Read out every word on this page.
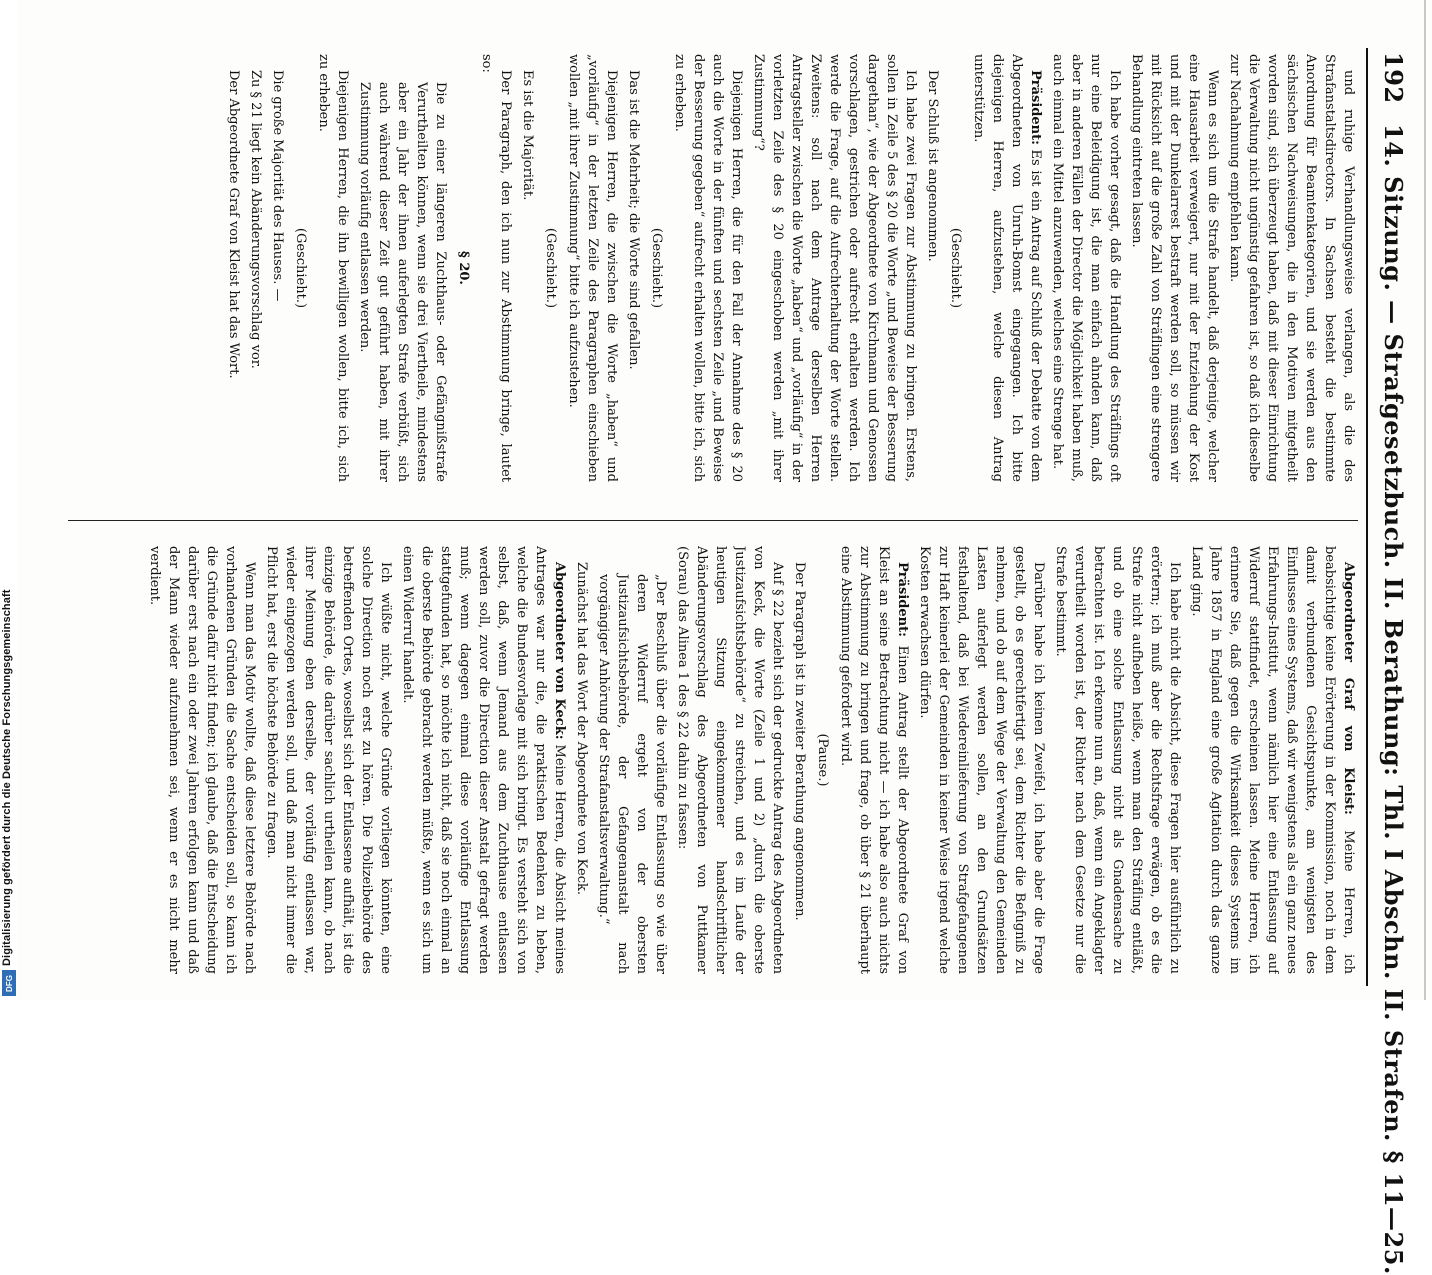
Digitalisierung gefördert durch die Deutsche Forschungsgemeinschaft
DFG
192
14. Sitzung. — Strafgesetzbuch. II. Berathung: Thl. I Abschn. II. Strafen. § 11—25.

und ruhige Verhandlungsweise verlangen, als die des Strafanstaltsdirectors. In Sachsen besteht die bestimmte Anordnung für Beamtenkategorien, und sie werden aus den sächsischen Nachweisungen, die in den Motiven mitgetheilt worden sind, sich überzeugt haben, daß mit dieser Einrichtung die Verwaltung nicht ungünstig gefahren ist, so daß ich dieselbe zur Nachahmung empfehlen kann.

Wenn es sich um die Strafe handelt, daß derjenige, welcher eine Hausarbeit verweigert, nur mit der Entziehung der Kost und mit der Dunkelarrest bestraft werden soll, so müssen wir mit Rücksicht auf die große Zahl von Sträflingen eine strengere Behandlung eintreten lassen.

Ich habe vorher gesagt, daß die Handlung des Sträflings oft nur eine Beleidigung ist, die man einfach ahnden kann, daß aber in anderen Fällen der Director die Möglichkeit haben muß, auch einmal ein Mittel anzuwenden, welches eine Strenge hat.

Präsident: Es ist ein Antrag auf Schluß der Debatte von dem Abgeordneten von Unruh-Bomst eingegangen. Ich bitte diejenigen Herren, aufzustehen, welche diesen Antrag unterstützen.

(Geschieht.)

Der Schluß ist angenommen.

Ich habe zwei Fragen zur Abstimmung zu bringen. Erstens, sollen in Zeile 5 des § 20 die Worte „und Beweise der Besserung dargethan“, wie der Abgeordnete von Kirchmann und Genossen vorschlagen, gestrichen oder aufrecht erhalten werden. Ich werde die Frage, auf die Aufrechterhaltung der Worte stellen. Zweitens: soll nach dem Antrage derselben Herren Antragsteller zwischen die Worte „haben“ und „vorläufig“ in der vorletzten Zeile des § 20 eingeschoben werden „mit ihrer Zustimmung“?

Diejenigen Herren, die für den Fall der Annahme des § 20 auch die Worte in der fünften und sechsten Zeile „und Beweise der Besserung gegeben“ aufrecht erhalten wollen, bitte ich, sich zu erheben.

(Geschieht.)

Das ist die Mehrheit; die Worte sind gefallen.

Diejenigen Herren, die zwischen die Worte „haben“ und „vorläufig“ in der letzten Zeile des Paragraphen einschieben wollen „mit ihrer Zustimmung“ bitte ich aufzustehen.

(Geschieht.)

Es ist die Majorität.

Der Paragraph, den ich nun zur Abstimmung bringe, lautet so:

§ 20.

Die zu einer längeren Zuchthaus- oder Gefängnißstrafe Verurtheilten können, wenn sie drei Viertheile, mindestens aber ein Jahr der ihnen auferlegten Strafe verbüßt, sich auch während dieser Zeit gut geführt haben, mit ihrer Zustimmung vorläufig entlassen werden.

Diejenigen Herren, die ihn bewilligen wollen, bitte ich, sich zu erheben.

(Geschieht.)

Die große Majorität des Hauses. —

Zu § 21 liegt kein Abänderungsvorschlag vor.

Der Abgeordnete Graf von Kleist hat das Wort.

Abgeordneter Graf von Kleist: Meine Herren, ich beabsichtige keine Erörterung in der Kommission, noch in dem damit verbundenen Gesichtspunkte, am wenigsten des Einflusses eines Systems, daß wir wenigstens als ein ganz neues Erfahrungs-Institut, wenn nämlich hier eine Entlassung auf Widerruf stattfindet, erscheinen lassen. Meine Herren, ich erinnere Sie, daß gegen die Wirksamkeit dieses Systems im Jahre 1857 in England eine große Agitation durch das ganze Land ging.

Ich habe nicht die Absicht, diese Fragen hier ausführlich zu erörtern; ich muß aber die Rechtsfrage erwägen, ob es die Strafe nicht aufheben heiße, wenn man den Sträfling entläßt, und ob eine solche Entlassung nicht als Gnadensache zu betrachten ist. Ich erkenne nun an, daß, wenn ein Angeklagter verurtheilt worden ist, der Richter nach dem Gesetze nur die Strafe bestimmt.

Darüber habe ich keinen Zweifel, ich habe aber die Frage gestellt, ob es gerechtfertigt sei, dem Richter die Befugniß zu nehmen, und ob auf dem Wege der Verwaltung den Gemeinden Lasten auferlegt werden sollen, an den Grundsätzen festhaltend, daß bei Wiedereinlieferung von Strafgefangenen zur Haft keinerlei der Gemeinden in keiner Weise irgend welche Kosten erwachsen dürfen.

Präsident: Einen Antrag stellt der Abgeordnete Graf von Kleist an seine Betrachtung nicht — ich habe also auch nichts zur Abstimmung zu bringen und frage, ob über § 21 überhaupt eine Abstimmung gefordert wird.

(Pause.)

Der Paragraph ist in zweiter Berathung angenommen.

Auf § 22 bezieht sich der gedruckte Antrag des Abgeordneten von Keck, die Worte (Zeile 1 und 2) „durch die oberste Justizaufsichtsbehörde“ zu streichen, und es im Laufe der heutigen Sitzung eingekommener handschriftlicher Abänderungsvorschlag des Abgeordneten von Puttkamer (Sorau) das Alinea 1 des § 22 dahin zu fassen:

„Der Beschluß über die vorläufige Entlassung so wie über deren Widerruf ergeht von der obersten Justizaufsichtsbehörde, der Gefangenanstalt nach vorgängiger Anhörung der Strafanstaltsverwaltung.“

Zunächst hat das Wort der Abgeordnete von Keck.

Abgeordneter von Keck: Meine Herren, die Absicht meines Antrages war nur die, die praktischen Bedenken zu heben, welche die Bundesvorlage mit sich bringt. Es versteht sich von selbst, daß, wenn Jemand aus dem Zuchthause entlassen werden soll, zuvor die Direction dieser Anstalt gefragt werden muß; wenn dagegen einmal diese vorläufige Entlassung stattgefunden hat, so möchte ich nicht, daß sie noch einmal an die oberste Behörde gebracht werden müßte, wenn es sich um einen Widerruf handelt.

Ich wüßte nicht, welche Gründe vorliegen könnten, eine solche Direction noch erst zu hören. Die Polizeibehörde des betreffenden Ortes, woselbst sich der Entlassene aufhält, ist die einzige Behörde, die darüber sachlich urtheilen kann, ob nach ihrer Meinung eben derselbe, der vorläufig entlassen war, wieder eingezogen werden soll, und daß man nicht immer die Pflicht hat, erst die höchste Behörde zu fragen.

Wenn man das Motiv wollte, daß diese letztere Behörde nach vorhandenen Gründen die Sache entscheiden soll, so kann ich die Gründe dafür nicht finden; ich glaube, daß die Entscheidung darüber erst nach ein oder zwei Jahren erfolgen kann und daß der Mann wieder aufzunehmen sei, wenn er es nicht mehr verdient.
